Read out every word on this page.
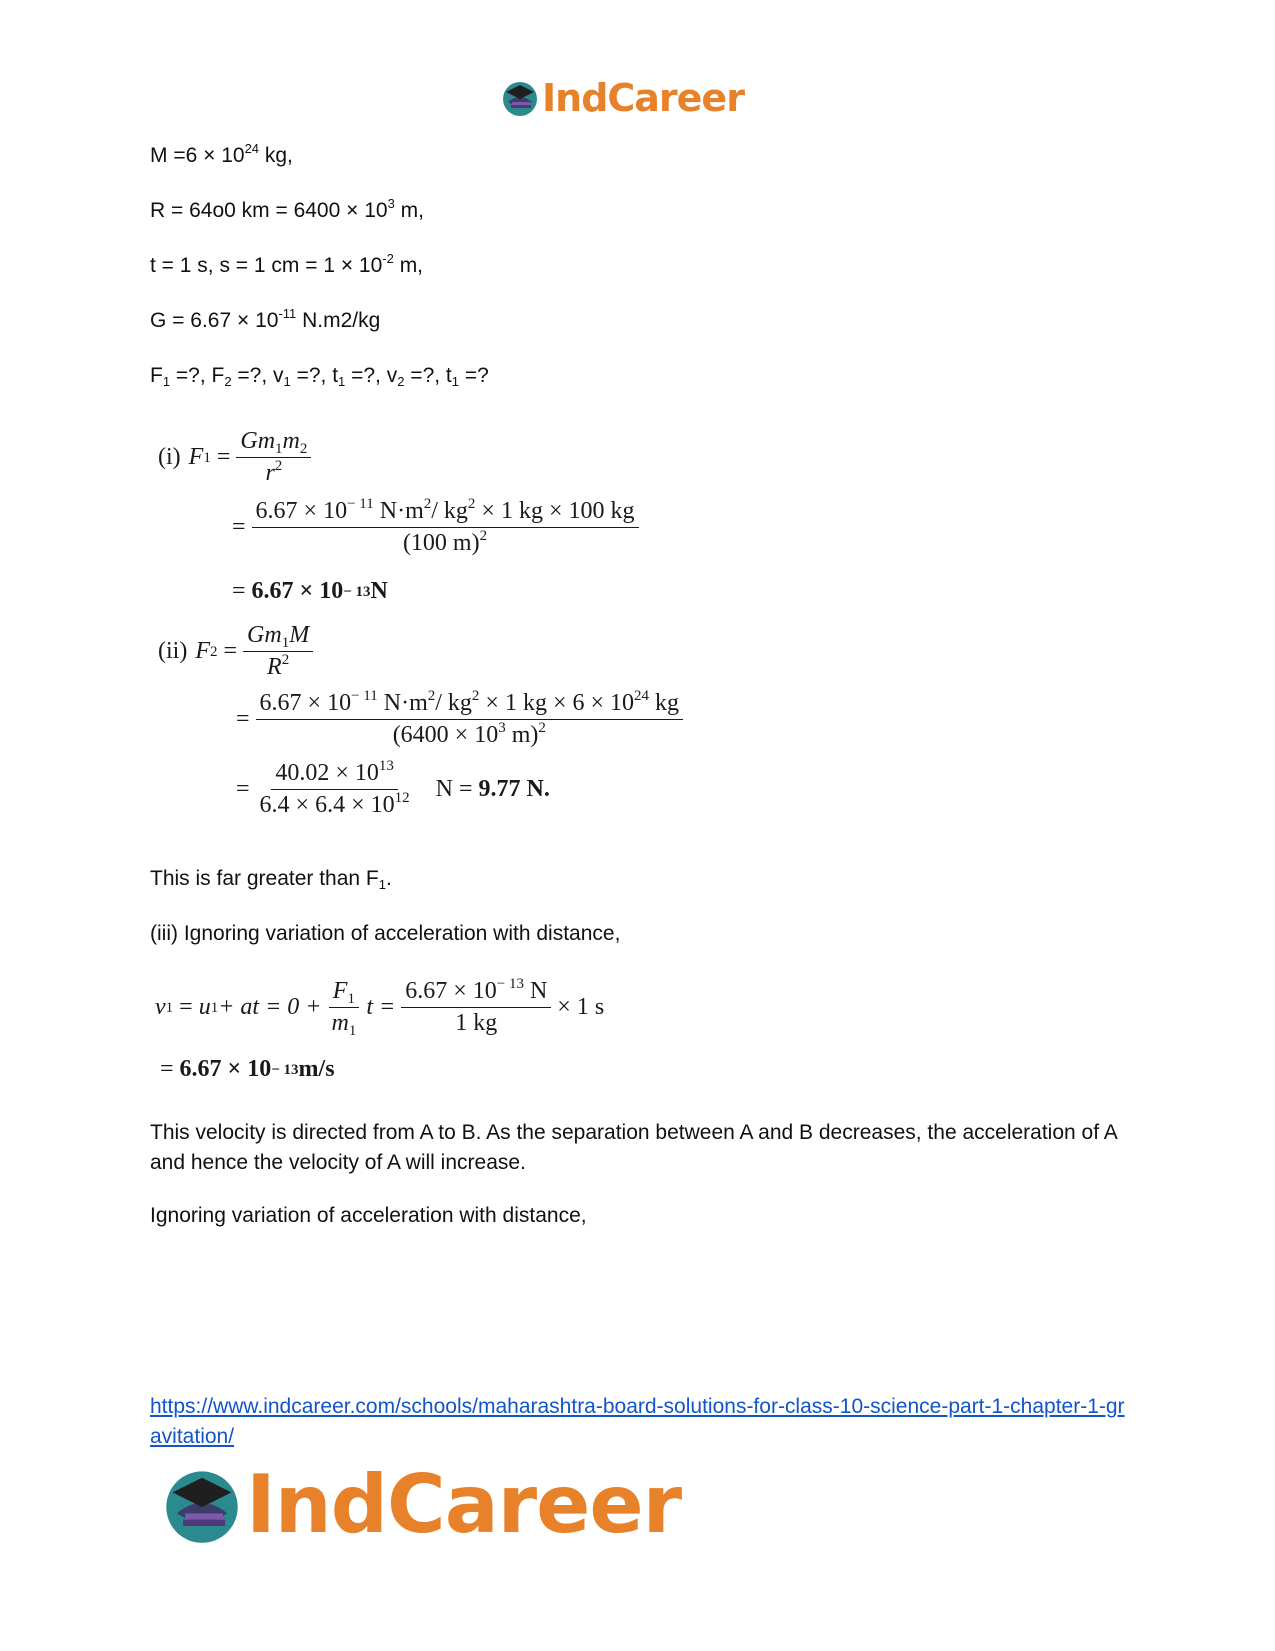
IndCareer
$M =6 \times 10^{24}$ kg,
R = 64o0 km = $6400 \times 10^3$ m,
t = 1 s, s = 1 cm = $1 \times 10^{-2}$ m,
$G = 6.67 \times 10^{-11}$ N.m2/kg
$F_1$ =?, $F_2$ =?, $v_1$ =?, $t_1$ =?, $v_2$ =?, $t_1$ =?
(i) F $1 = \frac{Gm_1m_2}{r^2}$
= $\frac{6.67 \times 10^{- 11} N\cdot m^2/ kg^2 \times 1 kg \times 100 kg}{(100 m)^2}$
= 6.67 × 10 − 13 N
(ii) F $2 = \frac{Gm_1M}{R^2}$
= $\frac{6.67 \times 10^{- 11} N\cdot m^2/ kg^2 \times 1 kg \times 6 \times 10^{24} kg}{(6400 \times 10^3 m)^2}$
= $\frac{40.02 \times 10^{13}}{6.4 \times 6.4 \times 10^{12}}$ N =
9.77 N.
This is far greater than $F_1$.
(iii) Ignoring variation of acceleration with distance,
v 1 = u 1 + at = $0 + \frac{F_1}{m_1}$ $t = \frac{6.67 \times 10^{- 13} N}{1 kg} \times 1$ s
= 6.67 × 10 − 13 m/s
This velocity is directed from A to B. As the separation between A and B decreases, the acceleration of A and hence the velocity of A will increase.
Ignoring variation of acceleration with distance,
https://www.indcareer.com/schools/maharashtra-board-solutions-for-class-10-science-part-1-chapter-1-gravitation/
IndCareer
